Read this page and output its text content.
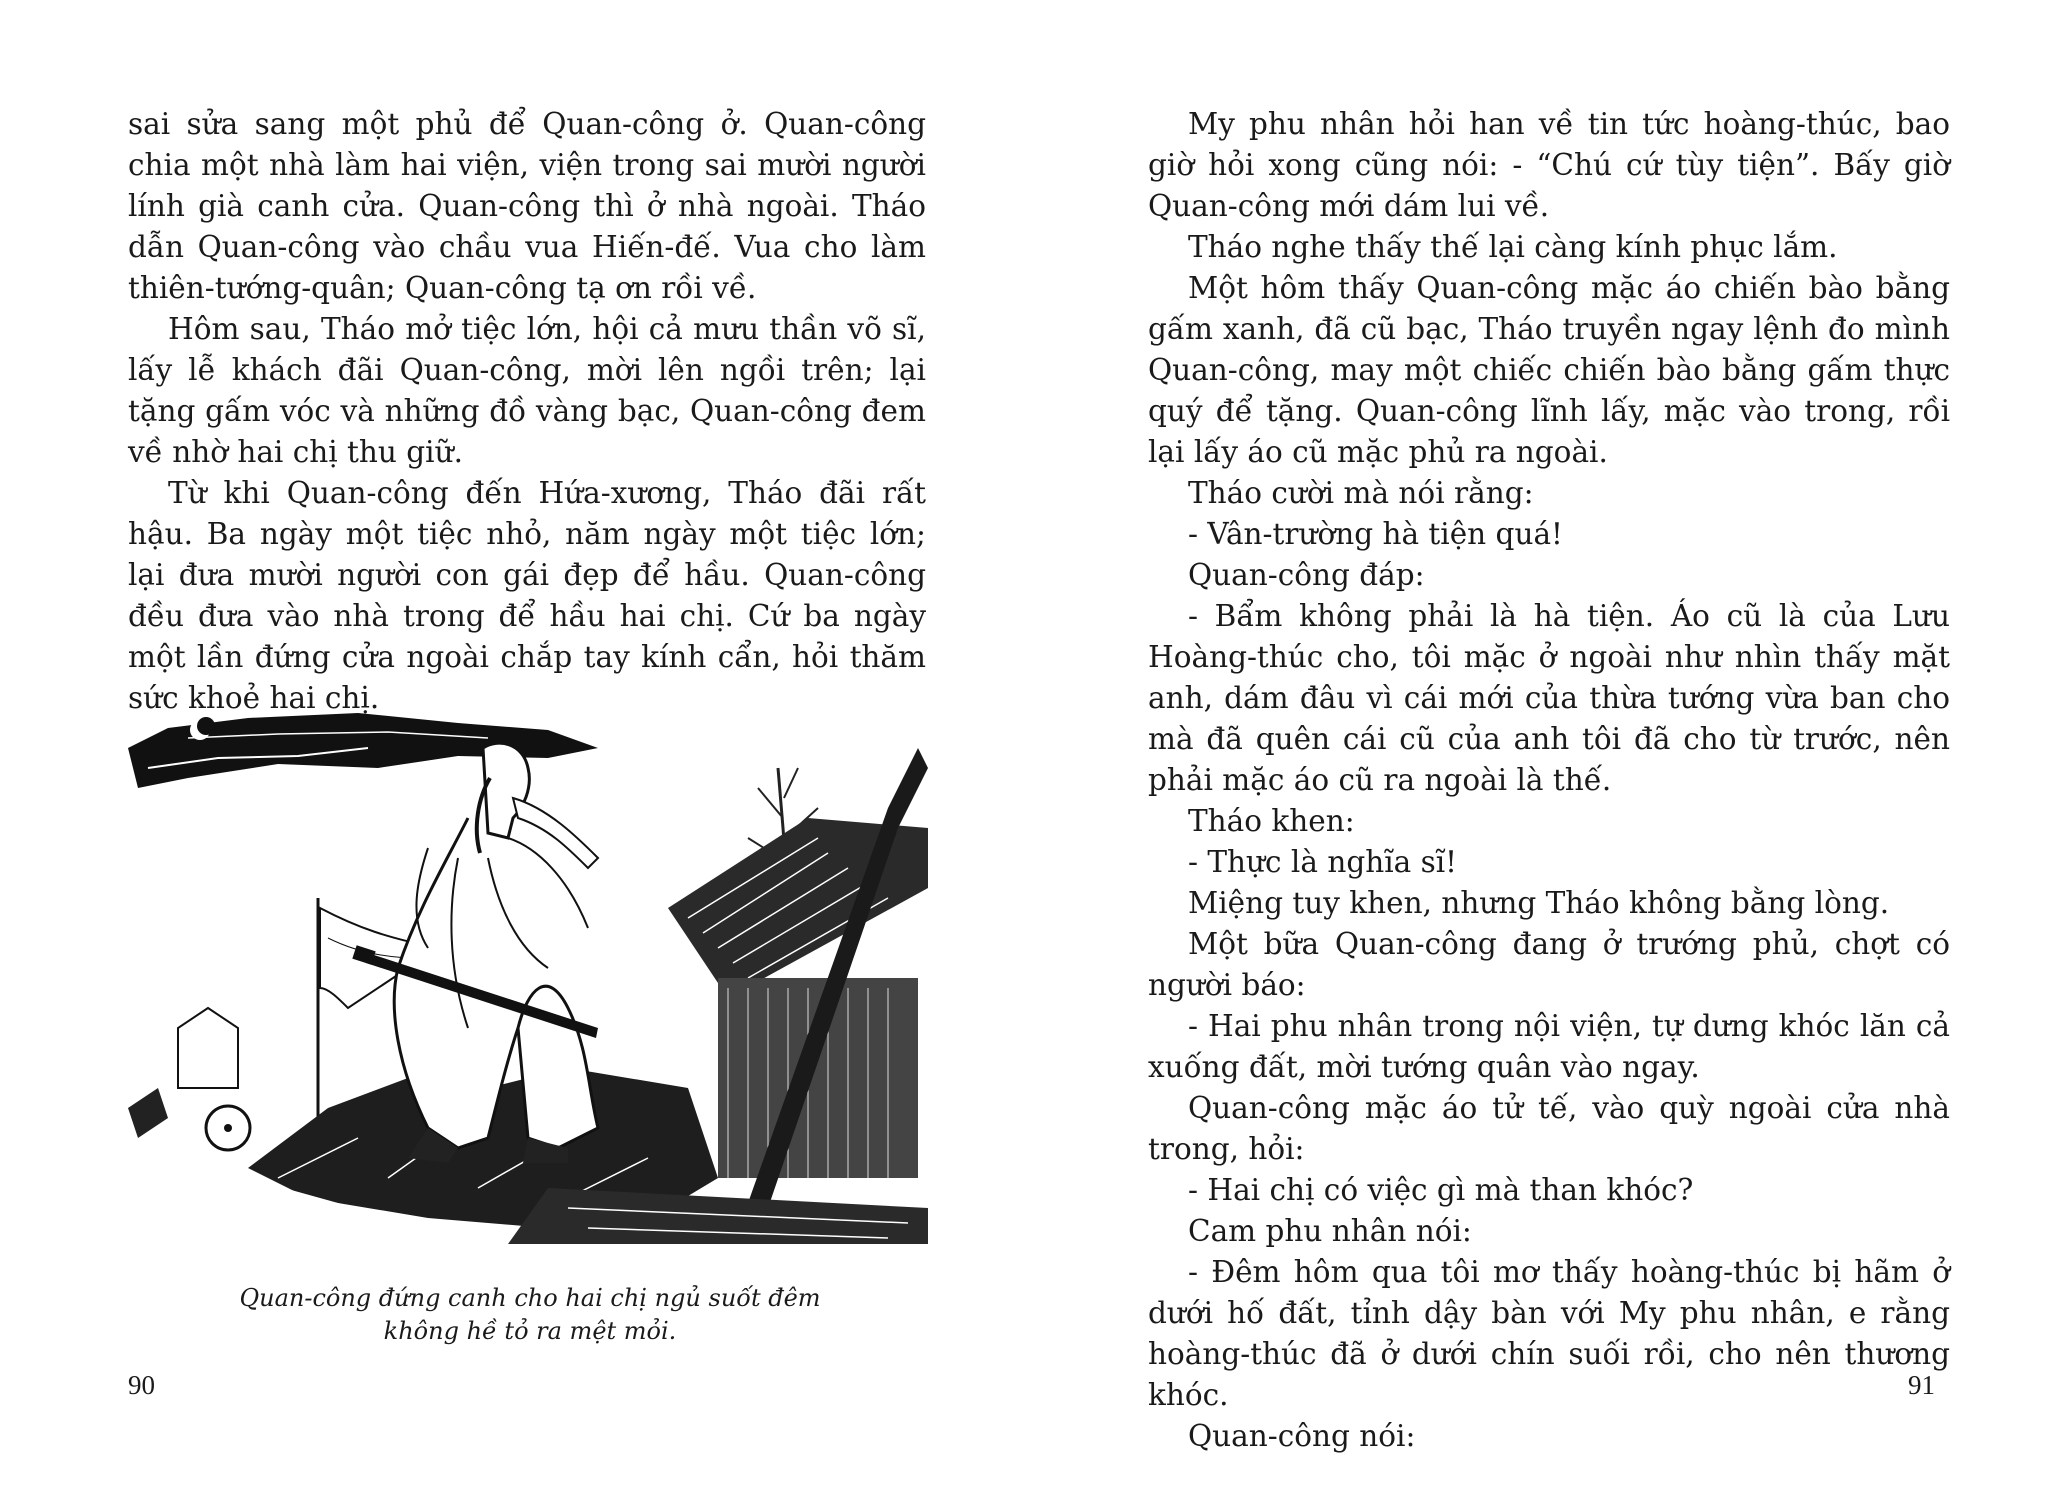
sai sửa sang một phủ để Quan-công ở. Quan-công chia một nhà làm hai viện, viện trong sai mười người lính già canh cửa. Quan-công thì ở nhà ngoài. Tháo dẫn Quan-công vào chầu vua Hiến-đế. Vua cho làm thiên-tướng-quân; Quan-công tạ ơn rồi về.

Hôm sau, Tháo mở tiệc lớn, hội cả mưu thần võ sĩ, lấy lễ khách đãi Quan-công, mời lên ngồi trên; lại tặng gấm vóc và những đồ vàng bạc, Quan-công đem về nhờ hai chị thu giữ.

Từ khi Quan-công đến Hứa-xương, Tháo đãi rất hậu. Ba ngày một tiệc nhỏ, năm ngày một tiệc lớn; lại đưa mười người con gái đẹp để hầu. Quan-công đều đưa vào nhà trong để hầu hai chị. Cứ ba ngày một lần đứng cửa ngoài chắp tay kính cẩn, hỏi thăm sức khoẻ hai chị.

Quan-công đứng canh cho hai chị ngủ suốt đêm
không hề tỏ ra mệt mỏi.
90

My phu nhân hỏi han về tin tức hoàng-thúc, bao giờ hỏi xong cũng nói: - “Chú cứ tùy tiện”. Bấy giờ Quan-công mới dám lui về.

Tháo nghe thấy thế lại càng kính phục lắm.

Một hôm thấy Quan-công mặc áo chiến bào bằng gấm xanh, đã cũ bạc, Tháo truyền ngay lệnh đo mình Quan-công, may một chiếc chiến bào bằng gấm thực quý để tặng. Quan-công lĩnh lấy, mặc vào trong, rồi lại lấy áo cũ mặc phủ ra ngoài.

Tháo cười mà nói rằng:

- Vân-trường hà tiện quá!

Quan-công đáp:

- Bẩm không phải là hà tiện. Áo cũ là của Lưu Hoàng-thúc cho, tôi mặc ở ngoài như nhìn thấy mặt anh, dám đâu vì cái mới của thừa tướng vừa ban cho mà đã quên cái cũ của anh tôi đã cho từ trước, nên phải mặc áo cũ ra ngoài là thế.

Tháo khen:

- Thực là nghĩa sĩ!

Miệng tuy khen, nhưng Tháo không bằng lòng.

Một bữa Quan-công đang ở trướng phủ, chợt có người báo:

- Hai phu nhân trong nội viện, tự dưng khóc lăn cả xuống đất, mời tướng quân vào ngay.

Quan-công mặc áo tử tế, vào quỳ ngoài cửa nhà trong, hỏi:

- Hai chị có việc gì mà than khóc?

Cam phu nhân nói:

- Đêm hôm qua tôi mơ thấy hoàng-thúc bị hãm ở dưới hố đất, tỉnh dậy bàn với My phu nhân, e rằng hoàng-thúc đã ở dưới chín suối rồi, cho nên thương khóc.

Quan-công nói:

91
